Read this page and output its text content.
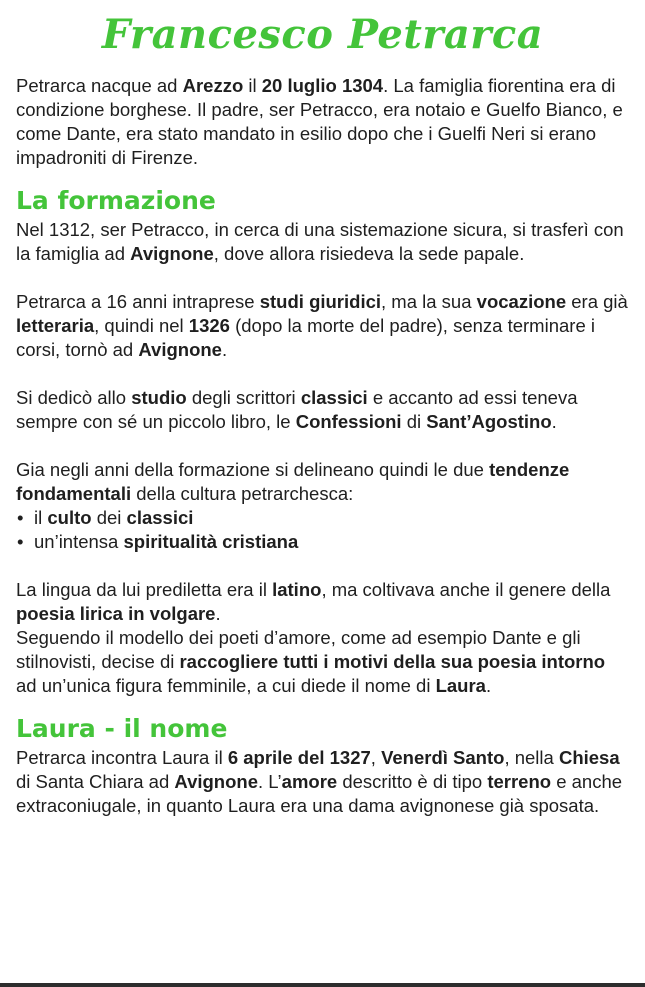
Francesco Petrarca

Petrarca nacque ad Arezzo il 20 luglio 1304. La famiglia fiorentina era di condizione borghese. Il padre, ser Petracco, era notaio e Guelfo Bianco, e come Dante, era stato mandato in esilio dopo che i Guelfi Neri si erano impadroniti di Firenze.

La formazione

Nel 1312, ser Petracco, in cerca di una sistemazione sicura, si trasferì con la famiglia ad Avignone, dove allora risiedeva la sede papale.

Petrarca a 16 anni intraprese studi giuridici, ma la sua vocazione era già letteraria, quindi nel 1326 (dopo la morte del padre), senza terminare i corsi, tornò ad Avignone.

Si dedicò allo studio degli scrittori classici e accanto ad essi teneva sempre con sé un piccolo libro, le Confessioni di Sant’Agostino.

Gia negli anni della formazione si delineano quindi le due tendenze fondamentali della cultura petrarchesca:

• il culto dei classici
• un’intensa spiritualità cristiana

La lingua da lui prediletta era il latino, ma coltivava anche il genere della poesia lirica in volgare.
Seguendo il modello dei poeti d’amore, come ad esempio Dante e gli stilnovisti, decise di raccogliere tutti i motivi della sua poesia intorno ad un’unica figura femminile, a cui diede il nome di Laura.

Laura - il nome

Petrarca incontra Laura il 6 aprile del 1327, Venerdì Santo, nella Chiesa di Santa Chiara ad Avignone. L’amore descritto è di tipo terreno e anche extraconiugale, in quanto Laura era una dama avignonese già sposata.
